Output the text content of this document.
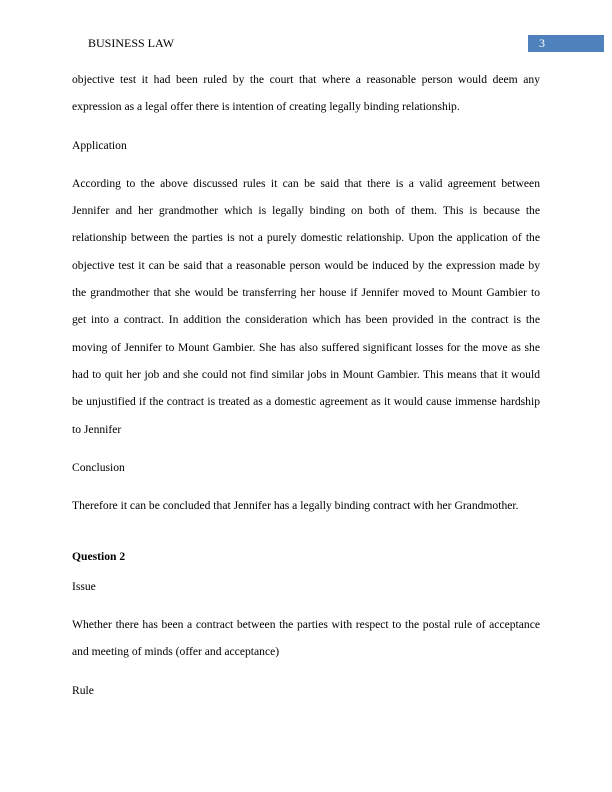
BUSINESS LAW	3

objective test it had been ruled by the court that where a reasonable person would deem any expression as a legal offer there is intention of creating legally binding relationship.

Application

According to the above discussed rules it can be said that there is a valid agreement between Jennifer and her grandmother which is legally binding on both of them. This is because the relationship between the parties is not a purely domestic relationship. Upon the application of the objective test it can be said that a reasonable person would be induced by the expression made by the grandmother that she would be transferring her house if Jennifer moved to Mount Gambier to get into a contract. In addition the consideration which has been provided in the contract is the moving of Jennifer to Mount Gambier. She has also suffered significant losses for the move as she had to quit her job and she could not find similar jobs in Mount Gambier. This means that it would be unjustified if the contract is treated as a domestic agreement as it would cause immense hardship to Jennifer

Conclusion

Therefore it can be concluded that Jennifer has a legally binding contract with her Grandmother.

Question 2

Issue

Whether there has been a contract between the parties with respect to the postal rule of acceptance and meeting of minds (offer and acceptance)

Rule
